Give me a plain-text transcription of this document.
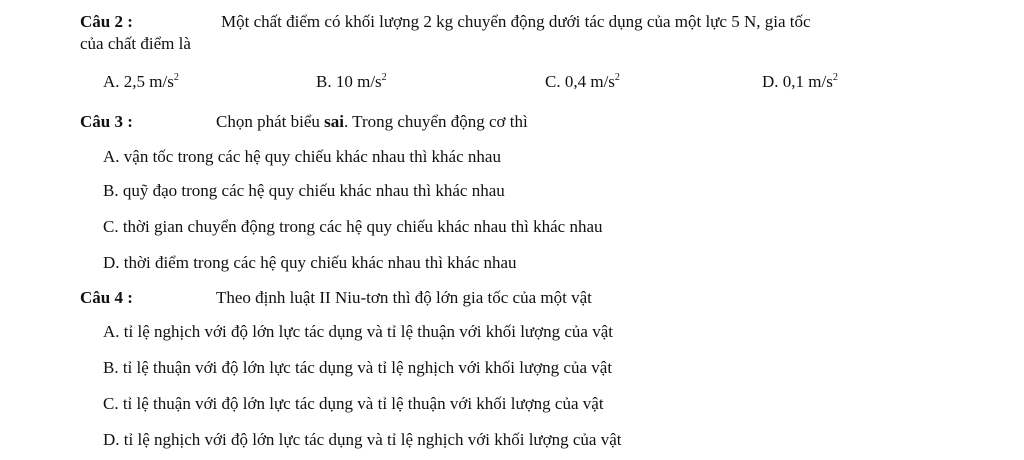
Câu 2 :	Một chất điểm có khối lượng 2 kg chuyển động dưới tác dụng của một lực 5 N, gia tốc
của chất điểm là
A. 2,5 $m/s^2$	B. 10 $m/s^2$	C. 0,4 $m/s^2$	D. 0,1 $m/s^2$
Câu 3 :	Chọn phát biểu sai. Trong chuyển động cơ thì
A. vận tốc trong các hệ quy chiếu khác nhau thì khác nhau
B. quỹ đạo trong các hệ quy chiếu khác nhau thì khác nhau
C. thời gian chuyển động trong các hệ quy chiếu khác nhau thì khác nhau
D. thời điểm trong các hệ quy chiếu khác nhau thì khác nhau
Câu 4 :	Theo định luật II Niu-tơn thì độ lớn gia tốc của một vật
A. tỉ lệ nghịch với độ lớn lực tác dụng và tỉ lệ thuận với khối lượng của vật
B. tỉ lệ thuận với độ lớn lực tác dụng và tỉ lệ nghịch với khối lượng của vật
C. tỉ lệ thuận với độ lớn lực tác dụng và tỉ lệ thuận với khối lượng của vật
D. tỉ lệ nghịch với độ lớn lực tác dụng và tỉ lệ nghịch với khối lượng của vật
